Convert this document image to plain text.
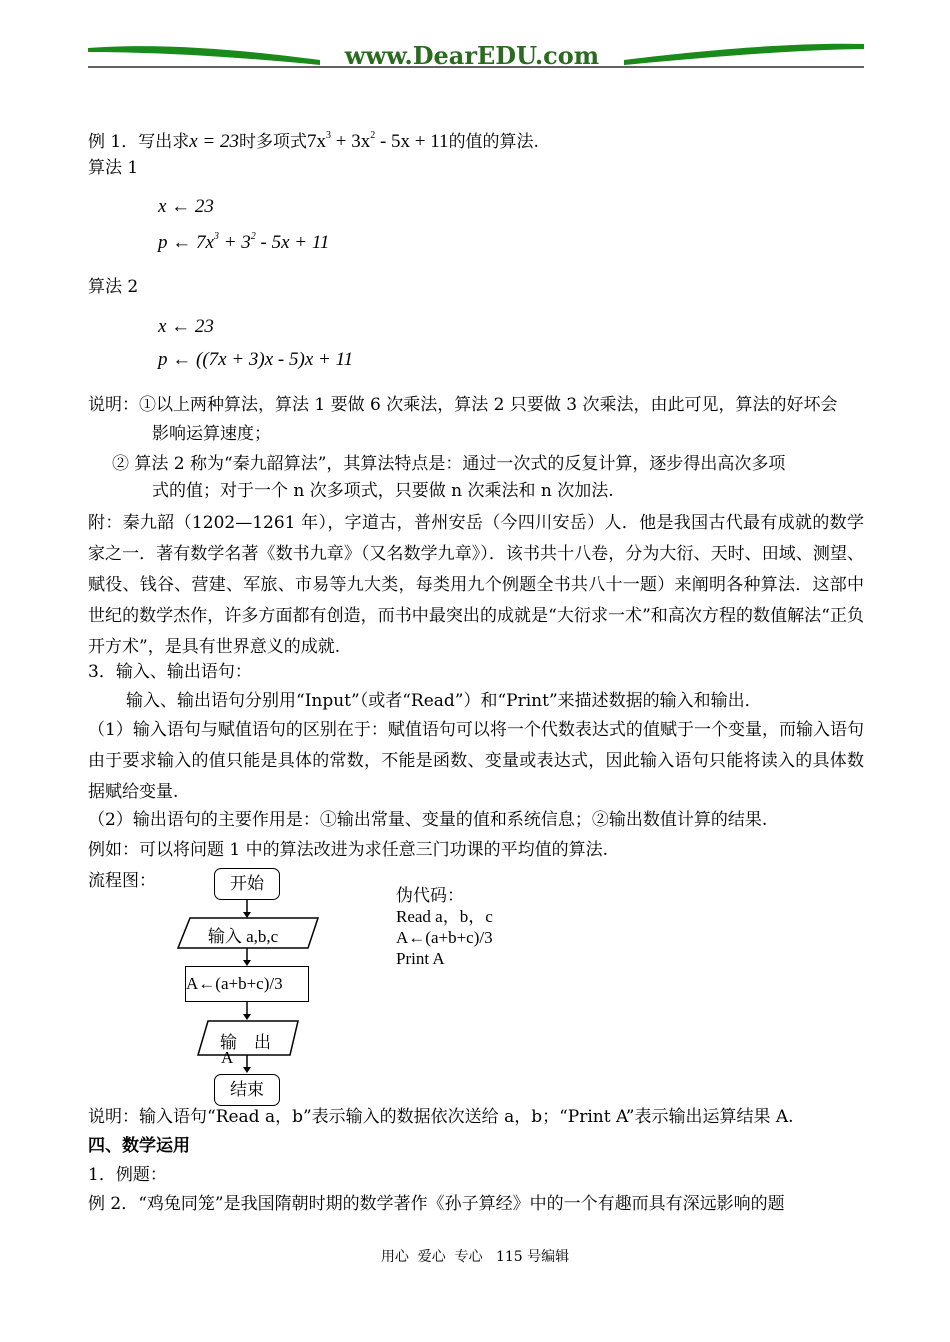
www.DearEDU.com
例 1．写出求x = 23时多项式$7x^3 + 3x^2 - 5x + 11$的值的算法.
算法 1
x ← 23
p ← $7x^3 + 3^2 - 5x + 11$
算法 2
x ← 23
p ← ((7x + 3)x - 5)x + 11
说明：①以上两种算法，算法 1 要做 6 次乘法，算法 2 只要做 3 次乘法，由此可见，算法的好坏会
影响运算速度；
② 算法 2 称为“秦九韶算法”，其算法特点是：通过一次式的反复计算，逐步得出高次多项
式的值；对于一个 n 次多项式，只要做 n 次乘法和 n 次加法.
附：秦九韶（1202—1261 年），字道古，普州安岳（今四川安岳）人．他是我国古代最有成就的数学家之一．著有数学名著《数书九章》（又名数学九章》）．该书共十八卷，分为大衍、天时、田域、测望、赋役、钱谷、营建、军旅、市易等九大类，每类用九个例题全书共八十一题）来阐明各种算法．这部中世纪的数学杰作，许多方面都有创造，而书中最突出的成就是“大衍求一术”和高次方程的数值解法“正负开方术”，是具有世界意义的成就.
3．输入、输出语句：
输入、输出语句分别用“Input”（或者“Read”）和“Print”来描述数据的输入和输出．
（1）输入语句与赋值语句的区别在于：赋值语句可以将一个代数表达式的值赋于一个变量，而输入语句由于要求输入的值只能是具体的常数，不能是函数、变量或表达式，因此输入语句只能将读入的具体数据赋给变量.
（2）输出语句的主要作用是：①输出常量、变量的值和系统信息；②输出数值计算的结果.
例如：可以将问题 1 中的算法改进为求任意三门功课的平均值的算法.
流程图：	开始
输入 a,b,c
A←(a+b+c)/3
输　出
A
结束
伪代码：
Read a，b，c
A←(a+b+c)/3
Print A
说明：输入语句“Read a，b”表示输入的数据依次送给 a，b；“Print A”表示输出运算结果 A.
四、数学运用
1．例题：
例 2．“鸡兔同笼”是我国隋朝时期的数学著作《孙子算经》中的一个有趣而具有深远影响的题
用心  爱心  专心   115 号编辑
